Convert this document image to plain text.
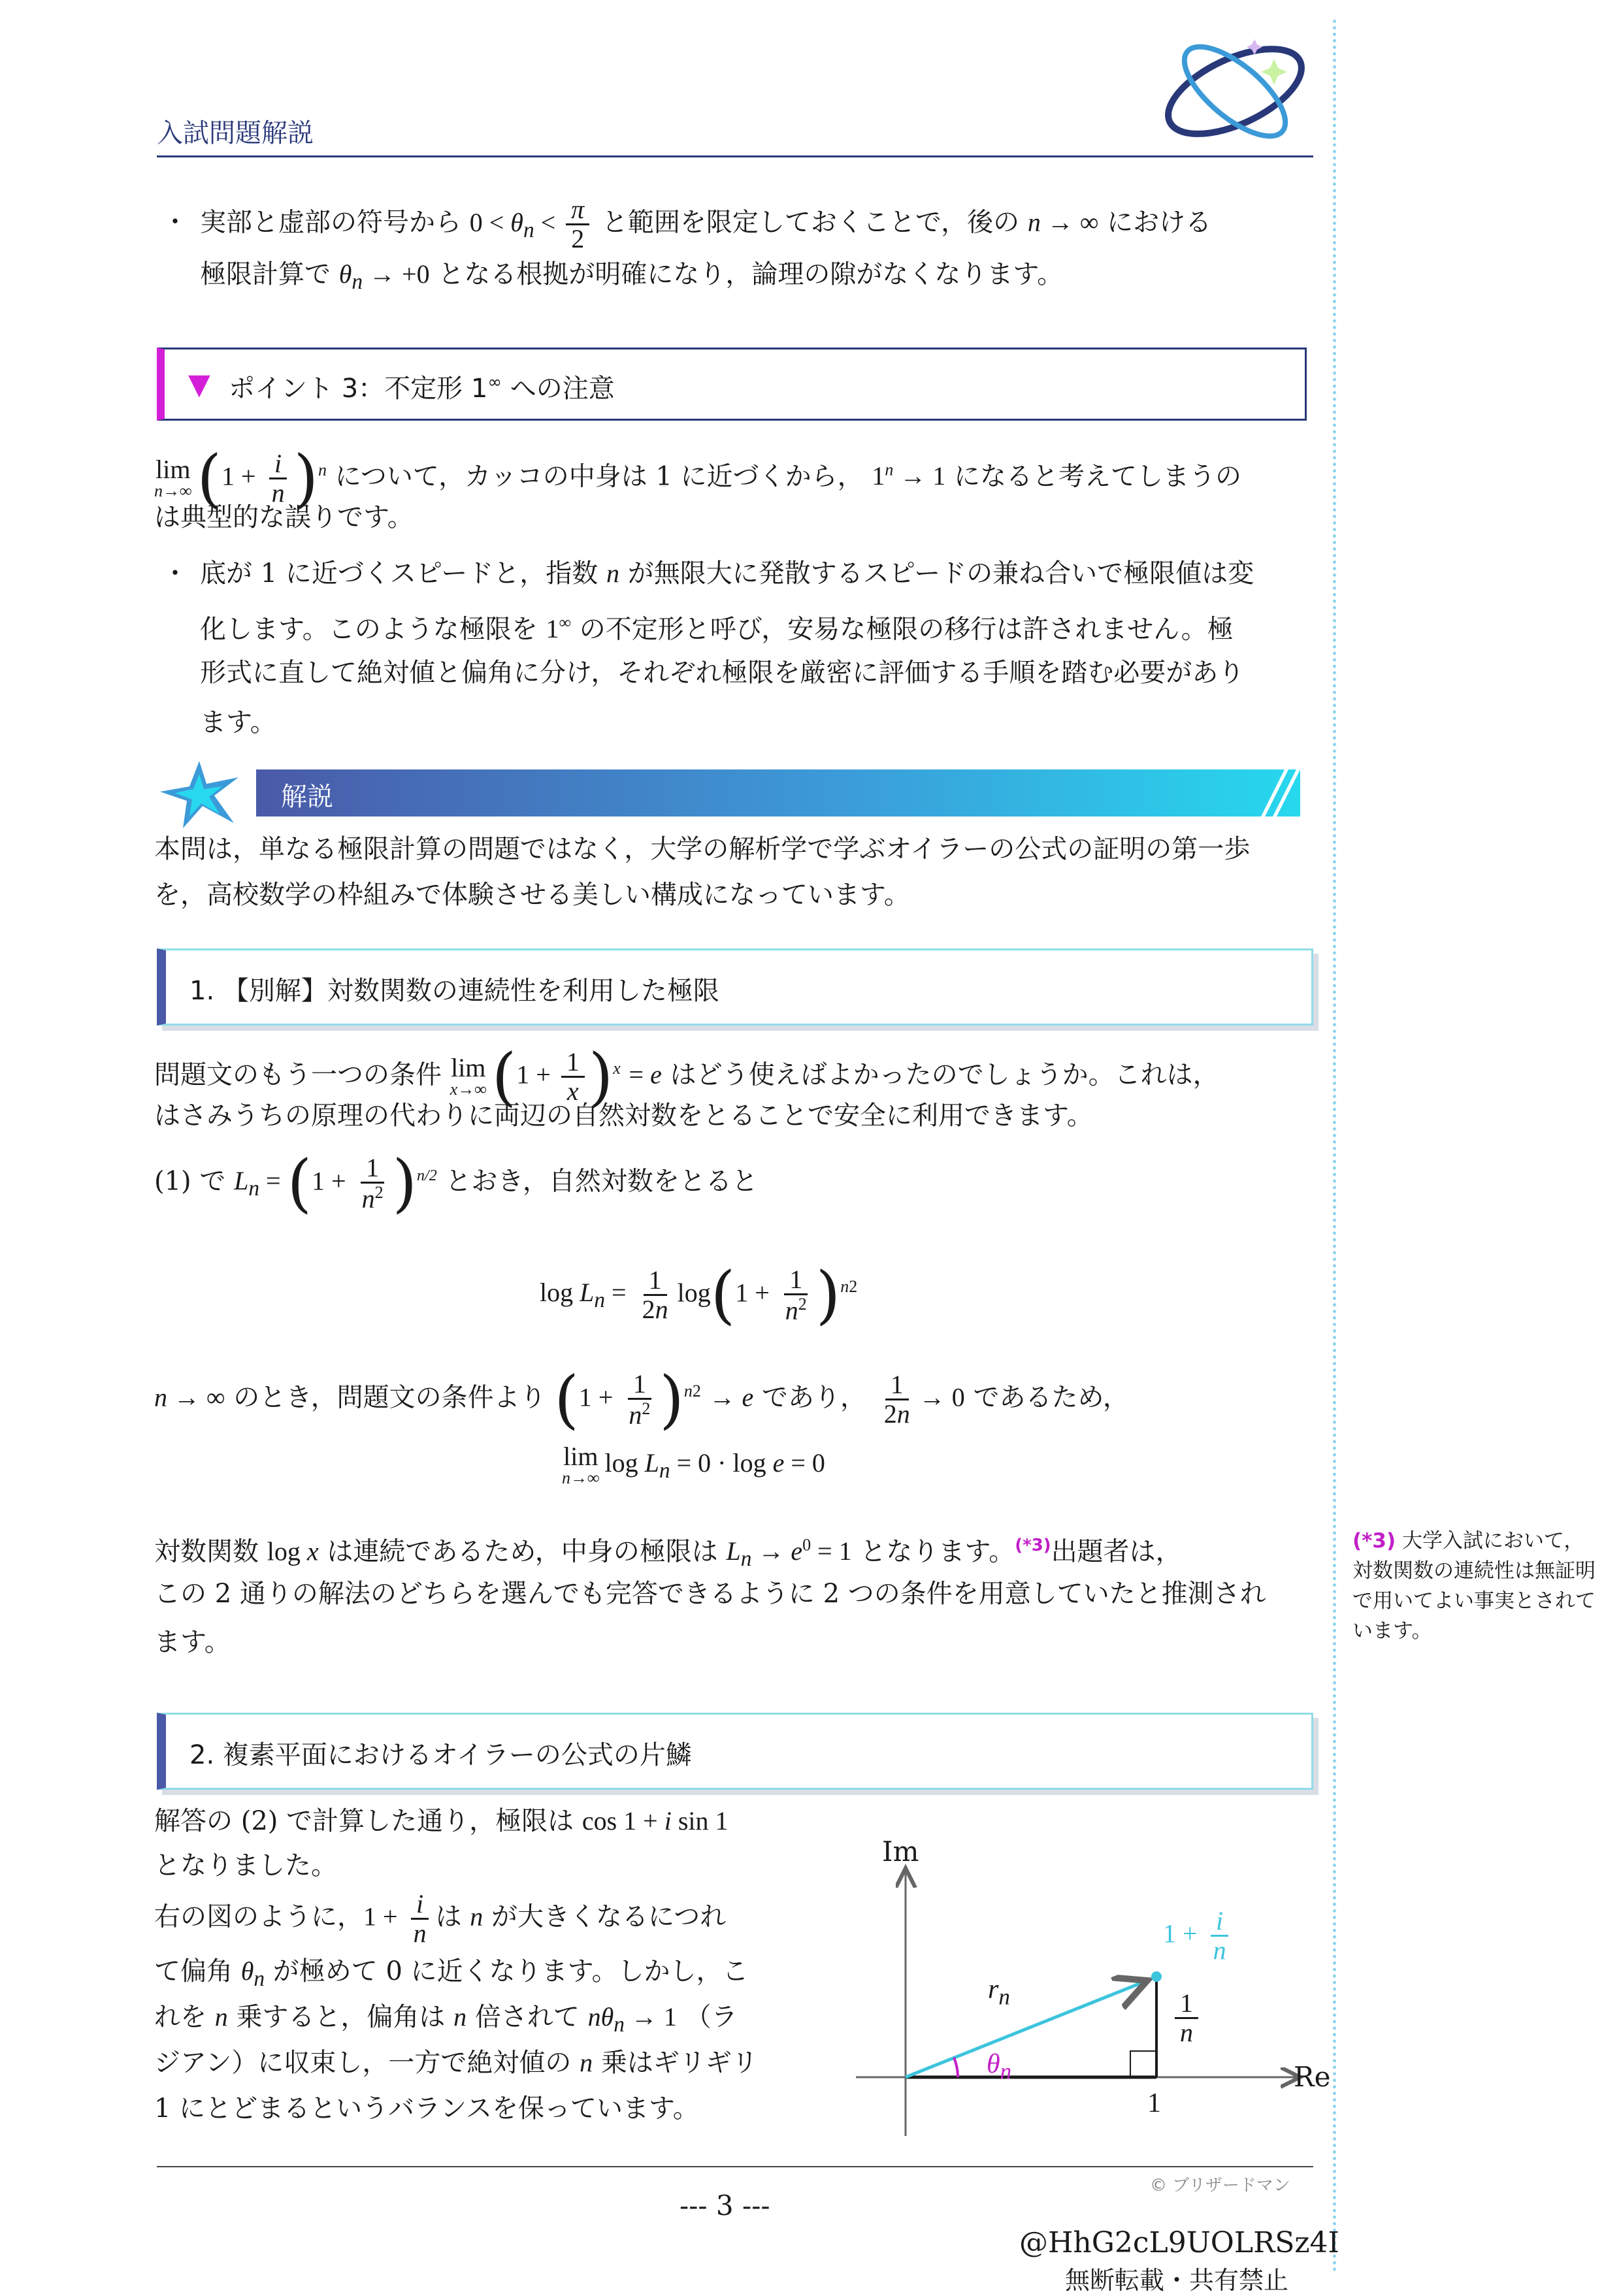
入試問題解説
・ 実部と虚部の符号から $0 < \theta_n < \frac{\pi}{2}$ と範囲を限定しておくことで，後の n → ∞ における
極限計算で $\theta_n \to +0$ となる根拠が明確になり，論理の隙がなくなります。
▼ ポイント 3：不定形 1∞ への注意
lim
n→∞ $(1 + \frac{i}{n} )^n$ について，カッコの中身は 1 に近づくから， $1^n \to 1$ になると考えてしまうの
は典型的な誤りです。
・ 底が 1 に近づくスピードと，指数 n が無限大に発散するスピードの兼ね合いで極限値は変
化します。このような極限を 1∞ の不定形と呼び，安易な極限の移行は許されません。極
形式に直して絶対値と偏角に分け，それぞれ極限を厳密に評価する手順を踏む必要があり
ます。
解説
本問は，単なる極限計算の問題ではなく，大学の解析学で学ぶオイラーの公式の証明の第一歩
を，高校数学の枠組みで体験させる美しい構成になっています。
1. 【別解】対数関数の連続性を利用した極限
問題文のもう一つの条件 lim
x→∞ $(1 + \frac{1}{x} )^x = e$ はどう使えばよかったのでしょうか。これは，
はさみうちの原理の代わりに両辺の自然対数をとることで安全に利用できます。
(1) で $L_n = (1 + \frac{1}{n^2} )^{n/2}$ とおき，自然対数をとると
$\log L_n = \frac{1}{2n} \log(1 + \frac{1}{n^2} )^{n2}$
n → ∞ のとき，問題文の条件より $(1 + \frac{1}{n^2} )^{n2} \to e$ であり， $\frac{1}{2n} \to 0$ であるため，
lim
n→∞
$\log L_n = 0 \cdot \log e = 0$
対数関数 log x は連続であるため，中身の極限は $L_n \to e^0 = 1$ となります。$^{(*3)}$出題者は，
この 2 通りの解法のどちらを選んでも完答できるように 2 つの条件を用意していたと推測され
ます。
(*3) 大学入試において，対数関数の連続性は無証明で用いてよい事実とされています。
2. 複素平面におけるオイラーの公式の片鱗
解答の (2) で計算した通り，極限は cos 1 + i sin 1
となりました。
右の図のように，$1 + \frac{i}{n}$ は n が大きくなるにつれ
て偏角 $\theta_n$ が極めて 0 に近くなります。しかし，こ
れを n 乗すると，偏角は n 倍されて $n\theta_n \to 1$ （ラ
ジアン）に収束し，一方で絶対値の n 乗はギリギリ
1 にとどまるというバランスを保っています。
Im
Re
$r_n$
$\theta_n$
1
$\frac{1}{n}$
$1 + \frac{i}{n}$
© ブリザードマン
--- 3 ---
@HhG2cL9UOLRSz4I
無断転載・共有禁止
